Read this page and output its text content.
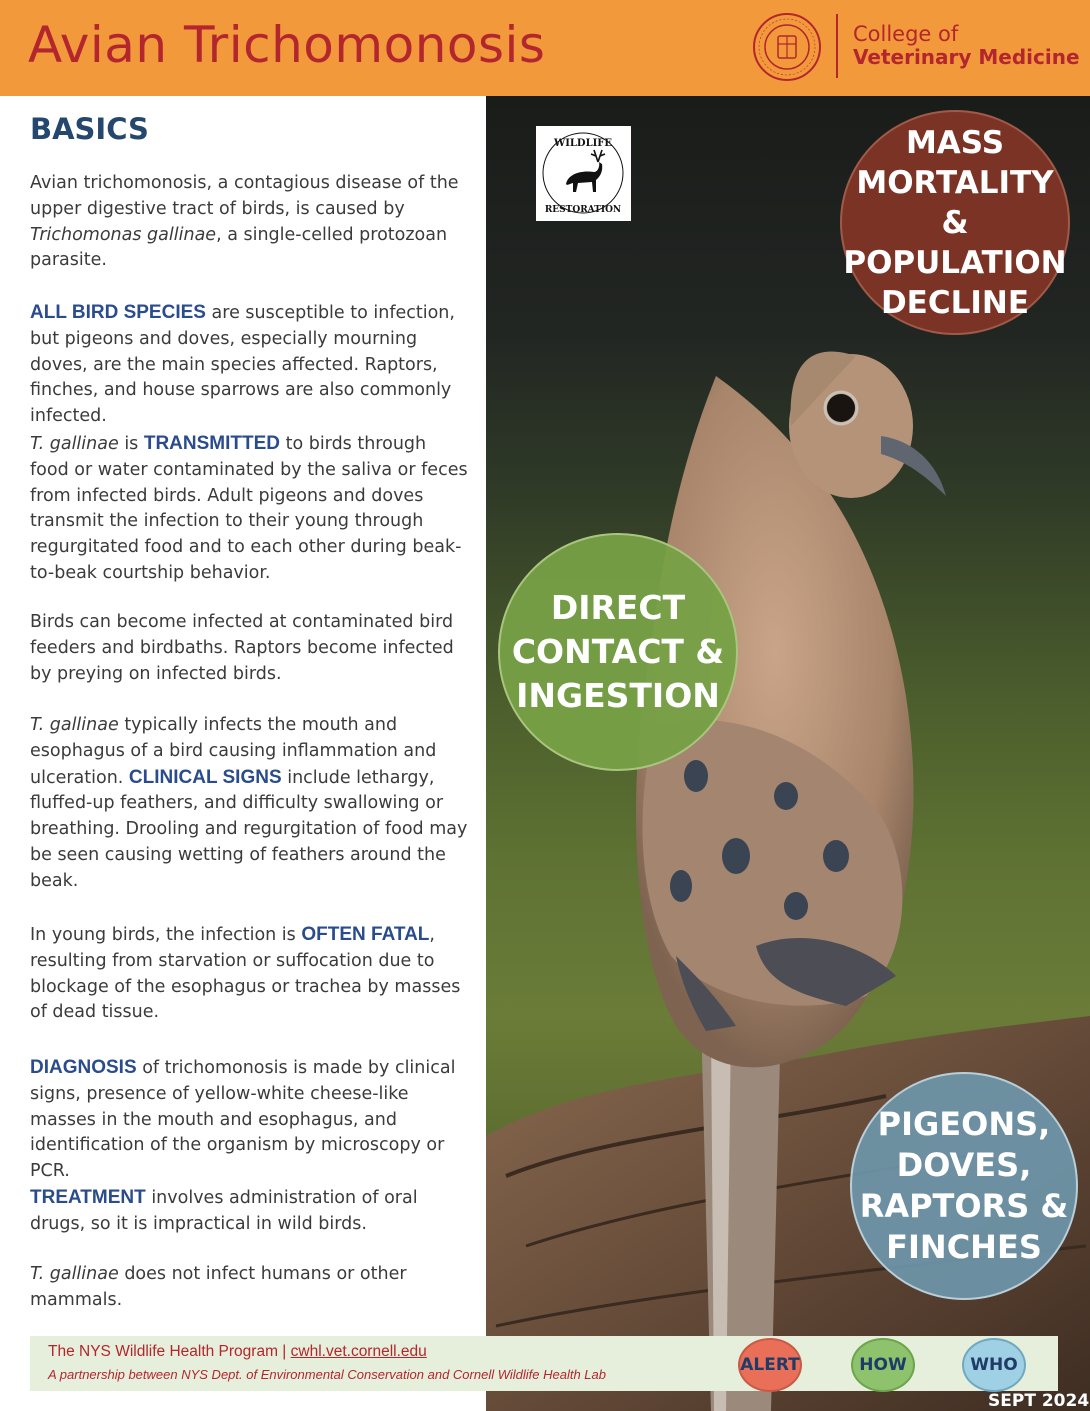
Avian Trichomonosis	College of
Veterinary Medicine
BASICS

Avian trichomonosis, a contagious disease of the upper digestive tract of birds, is caused by Trichomonas gallinae, a single-celled protozoan parasite.

ALL BIRD SPECIES are susceptible to infection, but pigeons and doves, especially mourning doves, are the main species affected. Raptors, finches, and house sparrows are also commonly infected.

T. gallinae is TRANSMITTED to birds through food or water contaminated by the saliva or feces from infected birds. Adult pigeons and doves transmit the infection to their young through regurgitated food and to each other during beak-to-beak courtship behavior.

Birds can become infected at contaminated bird feeders and birdbaths. Raptors become infected by preying on infected birds.

T. gallinae typically infects the mouth and esophagus of a bird causing inflammation and ulceration. CLINICAL SIGNS include lethargy, fluffed-up feathers, and difficulty swallowing or breathing. Drooling and regurgitation of food may be seen causing wetting of feathers around the beak.

In young birds, the infection is OFTEN FATAL, resulting from starvation or suffocation due to blockage of the esophagus or trachea by masses of dead tissue.

DIAGNOSIS of trichomonosis is made by clinical signs, presence of yellow-white cheese-like masses in the mouth and esophagus, and identification of the organism by microscopy or PCR.

TREATMENT involves administration of oral drugs, so it is impractical in wild birds.

T. gallinae does not infect humans or other mammals.

WILDLIFE
RESTORATION
MASS
MORTALITY &
POPULATION
DECLINE
DIRECT
CONTACT &
INGESTION
PIGEONS,
DOVES,
RAPTORS &
FINCHES
The NYS Wildlife Health Program | cwhl.vet.cornell.edu
A partnership between NYS Dept. of Environmental Conservation and Cornell Wildlife Health Lab	ALERT	HOW	WHO
SEPT 2024
